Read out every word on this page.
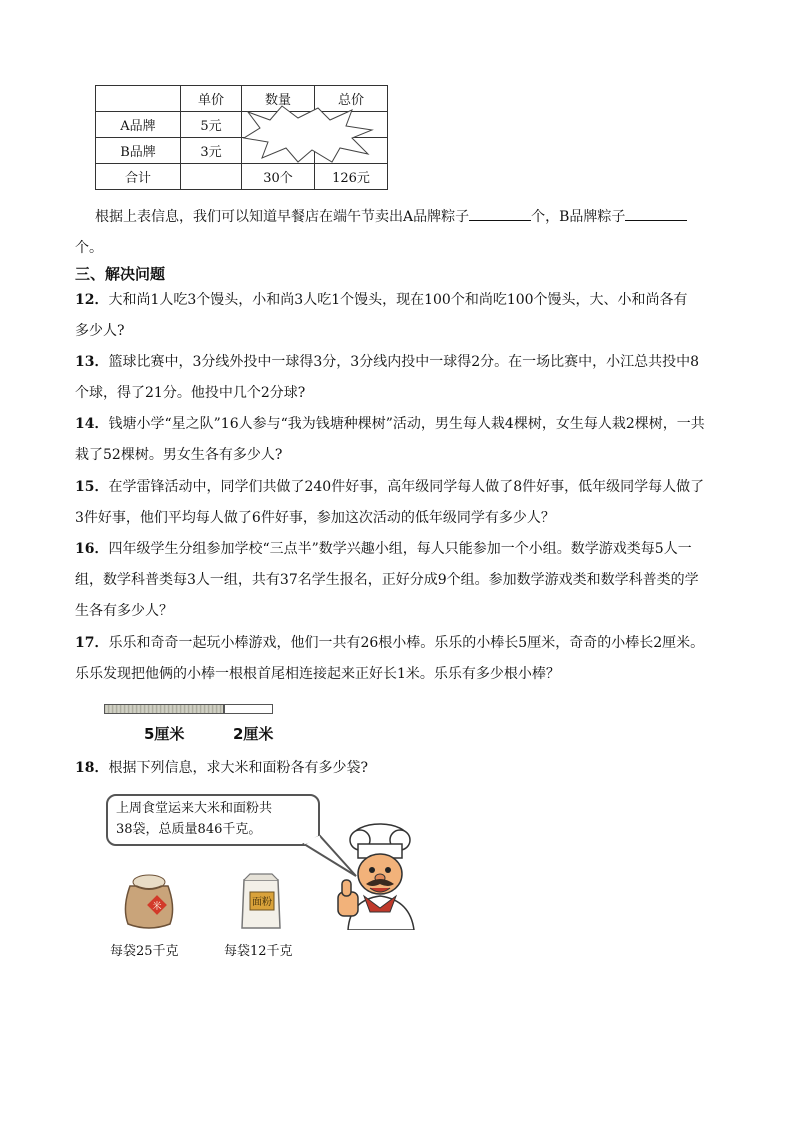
	单价	数量	总价
A品牌	5元		
B品牌	3元		
合计		30个	126元
根据上表信息，我们可以知道早餐店在端午节卖出A品牌粽子	个，B品牌粽子
个。
三、解决问题
12．大和尚1人吃3个馒头，小和尚3人吃1个馒头，现在100个和尚吃100个馒头，大、小和尚各有
多少人?
13．篮球比赛中，3分线外投中一球得3分，3分线内投中一球得2分。在一场比赛中，小江总共投中8
个球，得了21分。他投中几个2分球?
14．钱塘小学“星之队”16人参与“我为钱塘种棵树”活动，男生每人栽4棵树，女生每人栽2棵树，一共
栽了52棵树。男女生各有多少人?
15．在学雷锋活动中，同学们共做了240件好事，高年级同学每人做了8件好事，低年级同学每人做了
3件好事，他们平均每人做了6件好事，参加这次活动的低年级同学有多少人？
16．四年级学生分组参加学校“三点半”数学兴趣小组，每人只能参加一个小组。数学游戏类每5人一
组，数学科普类每3人一组，共有37名学生报名，正好分成9个组。参加数学游戏类和数学科普类的学
生各有多少人？
17．乐乐和奇奇一起玩小棒游戏，他们一共有26根小棒。乐乐的小棒长5厘米，奇奇的小棒长2厘米。
乐乐发现把他俩的小棒一根根首尾相连接起来正好长1米。乐乐有多少根小棒？
5厘米	2厘米
18．根据下列信息，求大米和面粉各有多少袋?
上周食堂运来大米和面粉共
38袋，总质量846千克。
米
每袋25千克
面粉
每袋12千克
